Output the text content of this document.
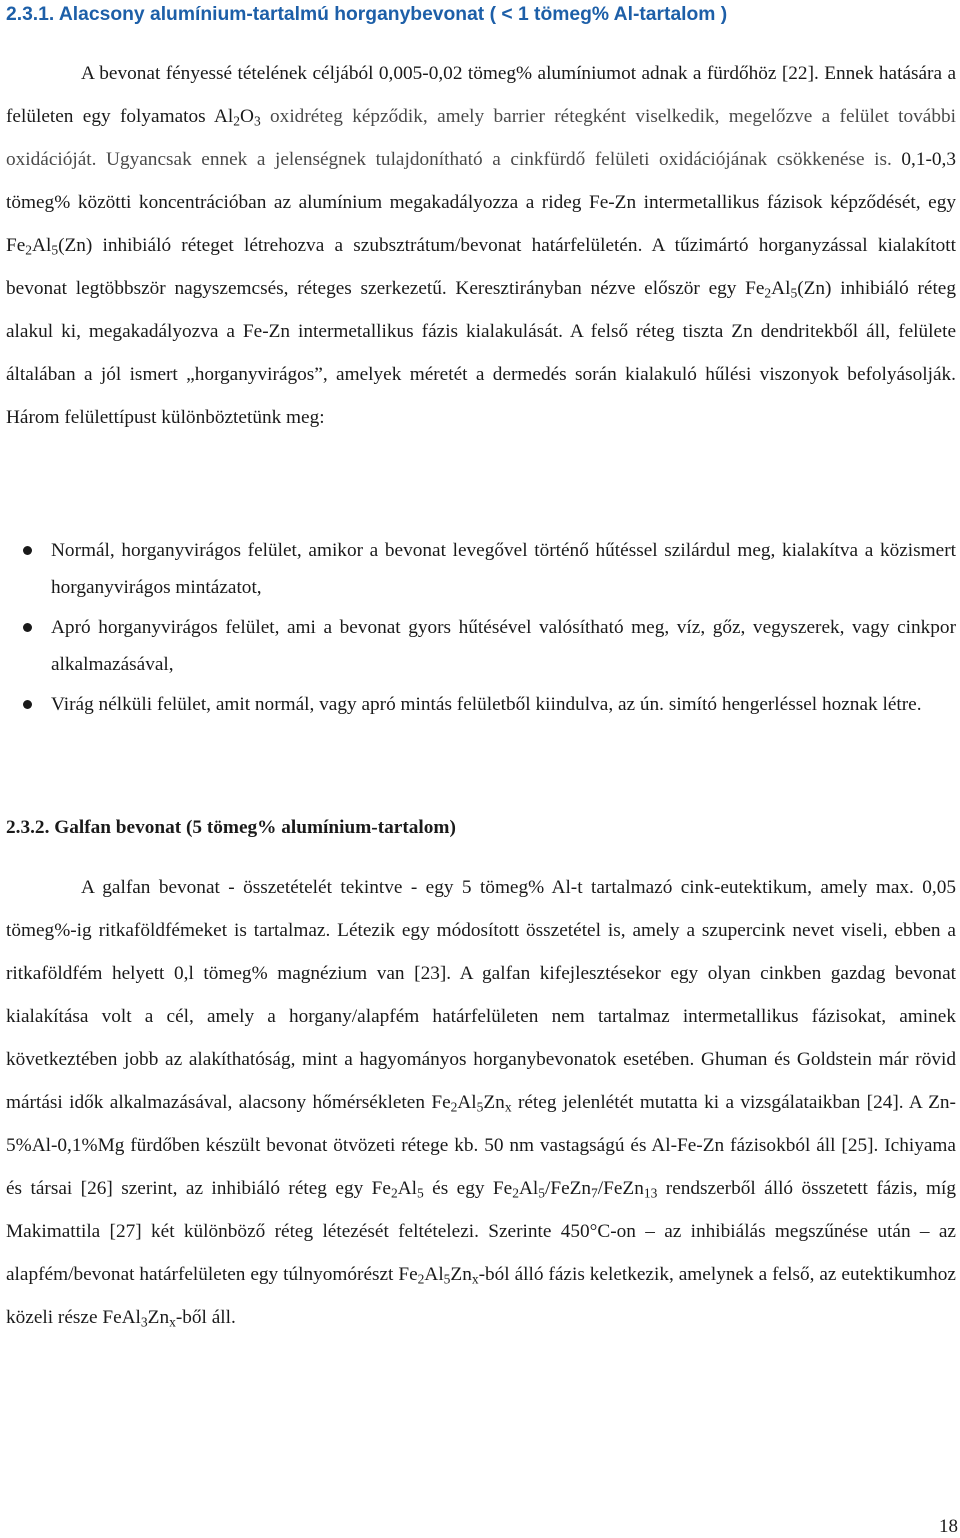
2.3.1. Alacsony alumínium-tartalmú horganybevonat ( < 1 tömeg% Al-tartalom )

A bevonat fényessé tételének céljából 0,005-0,02 tömeg% alumíniumot adnak a fürdőhöz [22]. Ennek hatására a felületen egy folyamatos $Al_2O_3$ oxidréteg képződik, amely barrier rétegként viselkedik, megelőzve a felület további oxidációját. Ugyancsak ennek a jelenségnek tulajdonítható a cinkfürdő felületi oxidációjának csökkenése is. 0,1-0,3 tömeg% közötti koncentrációban az alumínium megakadályozza a rideg Fe-Zn intermetallikus fázisok képződését, egy $Fe_2Al_5(Zn)$ inhibiáló réteget létrehozva a szubsztrátum/bevonat határfelületén. A tűzimártó horganyzással kialakított bevonat legtöbbször nagyszemcsés, réteges szerkezetű. Keresztirányban nézve először egy $Fe_2Al_5(Zn)$ inhibiáló réteg alakul ki, megakadályozva a Fe-Zn intermetallikus fázis kialakulását. A felső réteg tiszta Zn dendritekből áll, felülete általában a jól ismert „horganyvirágos”, amelyek méretét a dermedés során kialakuló hűlési viszonyok befolyásolják. Három felülettípust különböztetünk meg:

Normál, horganyvirágos felület, amikor a bevonat levegővel történő hűtéssel szilárdul meg, kialakítva a közismert horganyvirágos mintázatot,
Apró horganyvirágos felület, ami a bevonat gyors hűtésével valósítható meg, víz, gőz, vegyszerek, vagy cinkpor alkalmazásával,
Virág nélküli felület, amit normál, vagy apró mintás felületből kiindulva, az ún. simító hengerléssel hoznak létre.
2.3.2. Galfan bevonat (5 tömeg% alumínium-tartalom)

A galfan bevonat - összetételét tekintve - egy 5 tömeg% Al-t tartalmazó cink-eutektikum, amely max. 0,05 tömeg%-ig ritkaföldfémeket is tartalmaz. Létezik egy módosított összetétel is, amely a szupercink nevet viseli, ebben a ritkaföldfém helyett 0,l tömeg% magnézium van [23]. A galfan kifejlesztésekor egy olyan cinkben gazdag bevonat kialakítása volt a cél, amely a horgany/alapfém határfelületen nem tartalmaz intermetallikus fázisokat, aminek következtében jobb az alakíthatóság, mint a hagyományos horganybevonatok esetében. Ghuman és Goldstein már rövid mártási idők alkalmazásával, alacsony hőmérsékleten $Fe_2Al_5Zn_x$ réteg jelenlétét mutatta ki a vizsgálataikban [24]. A Zn-5%Al-0,1%Mg fürdőben készült bevonat ötvözeti rétege kb. 50 nm vastagságú és Al-Fe-Zn fázisokból áll [25]. Ichiyama és társai [26] szerint, az inhibiáló réteg egy $Fe_2Al_5$ és egy $Fe_2Al_5/FeZn_7/FeZn_{13}$ rendszerből álló összetett fázis, míg Makimattila [27] két különböző réteg létezését feltételezi. Szerinte 450°C-on – az inhibiálás megszűnése után – az alapfém/bevonat határfelületen egy túlnyomórészt $Fe_2Al_5Zn_x$-ból álló fázis keletkezik, amelynek a felső, az eutektikumhoz közeli része $FeAl_3Zn_x$-ből áll.

18
